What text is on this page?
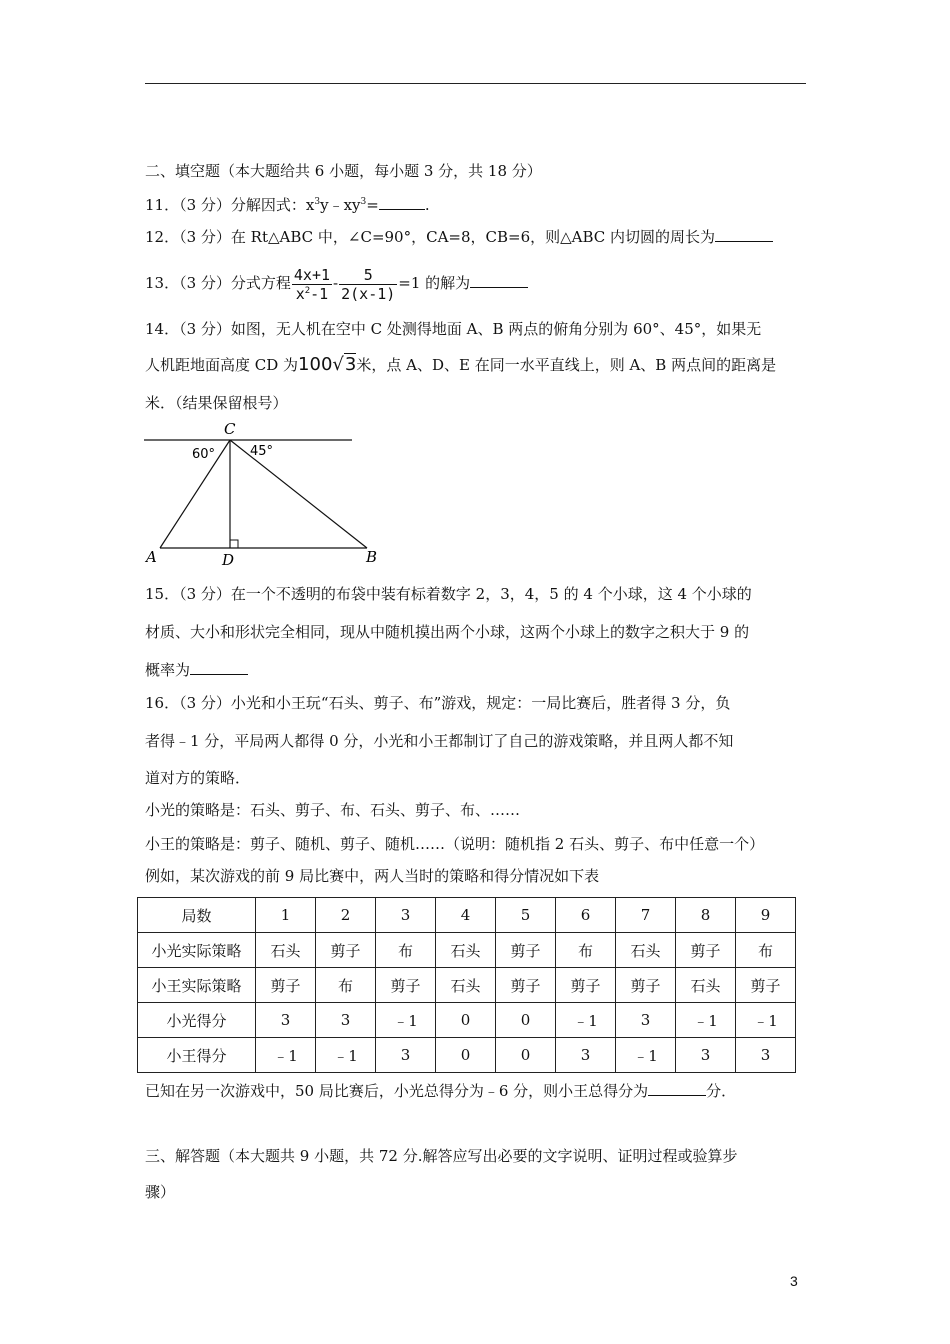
二、填空题（本大题给共 6 小题，每小题 3 分，共 18 分）
11．（3 分）分解因式：$x^3y﹣xy^3=$	.
12．（3 分）在 Rt△ABC 中，∠C=90°，CA=8，CB=6，则△ABC 内切圆的周长为
13．（3 分）分式方程 $\frac{4x+1}{x^2-1} - \frac{5}{2(x-1)} =1$ 的解为
14．（3 分）如图，无人机在空中 C 处测得地面 A、B 两点的俯角分别为 60°、45°，如果无
人机距地面高度 CD 为100√3米，点 A、D、E 在同一水平直线上，则 A、B 两点间的距离是
米．（结果保留根号）
C
60°	45°
A	D	B
15．（3 分）在一个不透明的布袋中装有标着数字 2，3，4，5 的 4 个小球，这 4 个小球的
材质、大小和形状完全相同，现从中随机摸出两个小球，这两个小球上的数字之积大于 9 的
概率为
16．（3 分）小光和小王玩“石头、剪子、布”游戏，规定：一局比赛后，胜者得 3 分，负
者得﹣1 分，平局两人都得 0 分，小光和小王都制订了自己的游戏策略，并且两人都不知
道对方的策略．
小光的策略是：石头、剪子、布、石头、剪子、布、……
小王的策略是：剪子、随机、剪子、随机……（说明：随机指 2 石头、剪子、布中任意一个）
例如，某次游戏的前 9 局比赛中，两人当时的策略和得分情况如下表
局数	1	2	3	4	5	6	7	8	9
小光实际策略	石头	剪子	布	石头	剪子	布	石头	剪子	布
小王实际策略	剪子	布	剪子	石头	剪子	剪子	剪子	石头	剪子
小光得分	3	3	﹣1	0	0	﹣1	3	﹣1	﹣1
小王得分	﹣1	﹣1	3	0	0	3	﹣1	3	3
已知在另一次游戏中，50 局比赛后，小光总得分为﹣6 分，则小王总得分为	分．
三、解答题（本大题共 9 小题，共 72 分.解答应写出必要的文字说明、证明过程或验算步
骤）
3
